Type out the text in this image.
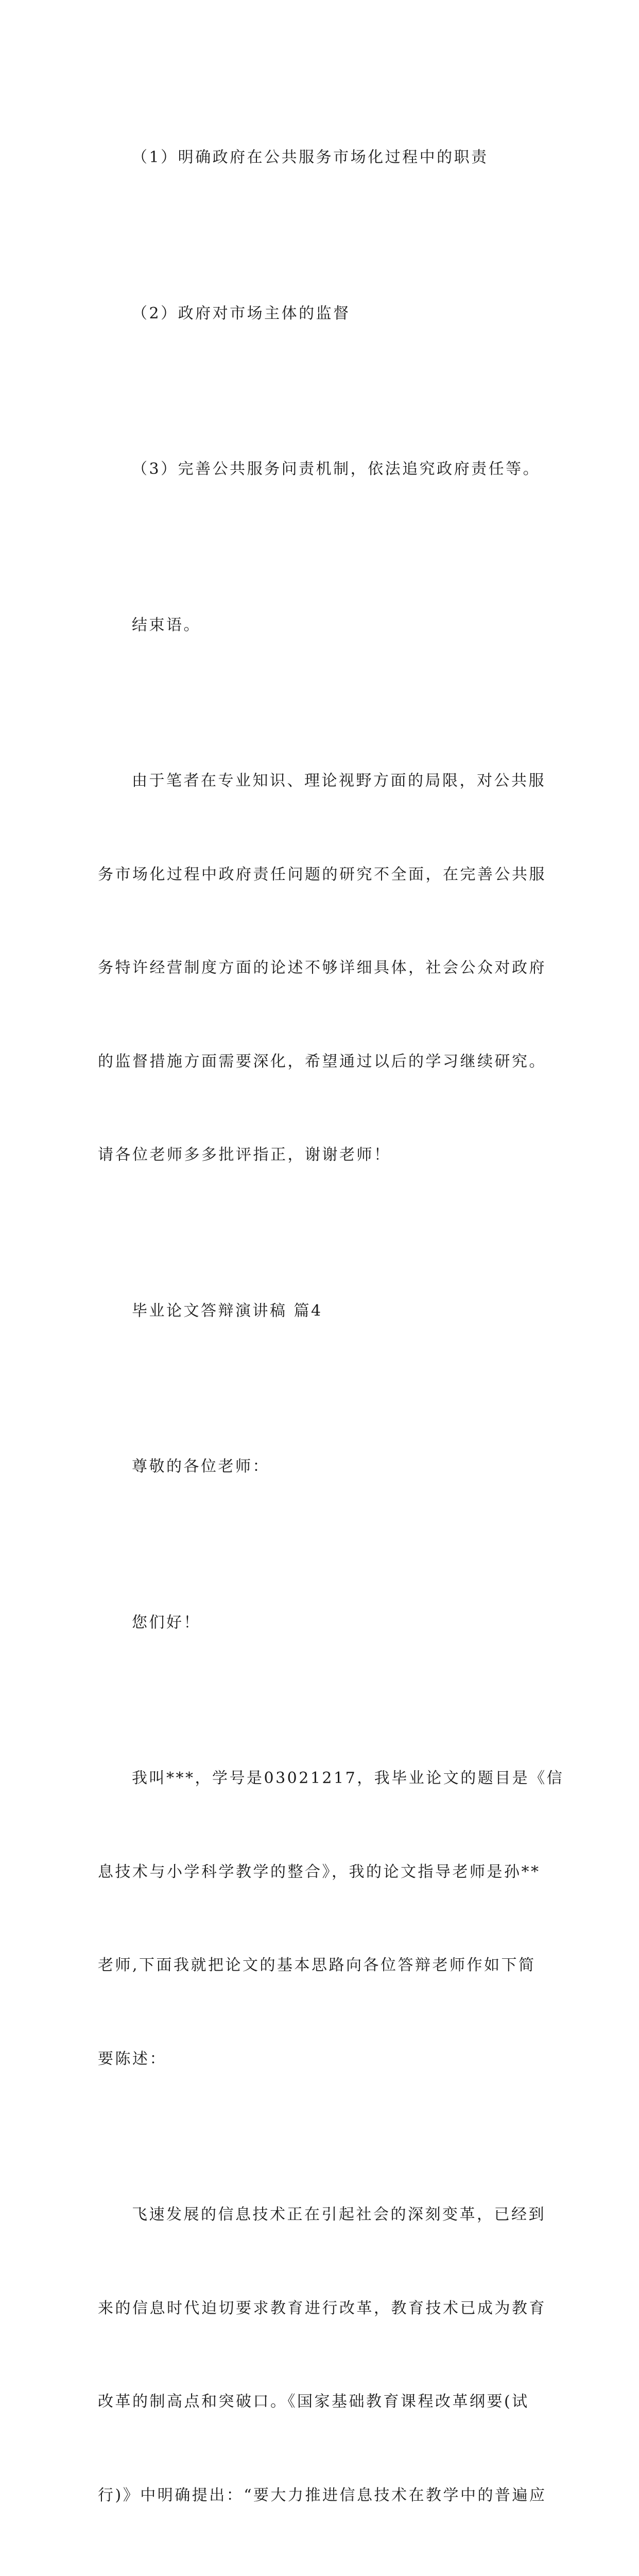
（1）明确政府在公共服务市场化过程中的职责

（2）政府对市场主体的监督

（3）完善公共服务问责机制，依法追究政府责任等。

结束语。

由于笔者在专业知识、理论视野方面的局限，对公共服

务市场化过程中政府责任问题的研究不全面，在完善公共服

务特许经营制度方面的论述不够详细具体，社会公众对政府

的监督措施方面需要深化，希望通过以后的学习继续研究。

请各位老师多多批评指正，谢谢老师！

毕业论文答辩演讲稿 篇4

尊敬的各位老师：

您们好！

我叫***，学号是03021217，我毕业论文的题目是《信

息技术与小学科学教学的整合》，我的论文指导老师是孙**

老师,下面我就把论文的基本思路向各位答辩老师作如下简

要陈述：

飞速发展的信息技术正在引起社会的深刻变革，已经到

来的信息时代迫切要求教育进行改革，教育技术已成为教育

改革的制高点和突破口。《国家基础教育课程改革纲要(试

行)》中明确提出：“要大力推进信息技术在教学中的普遍应
